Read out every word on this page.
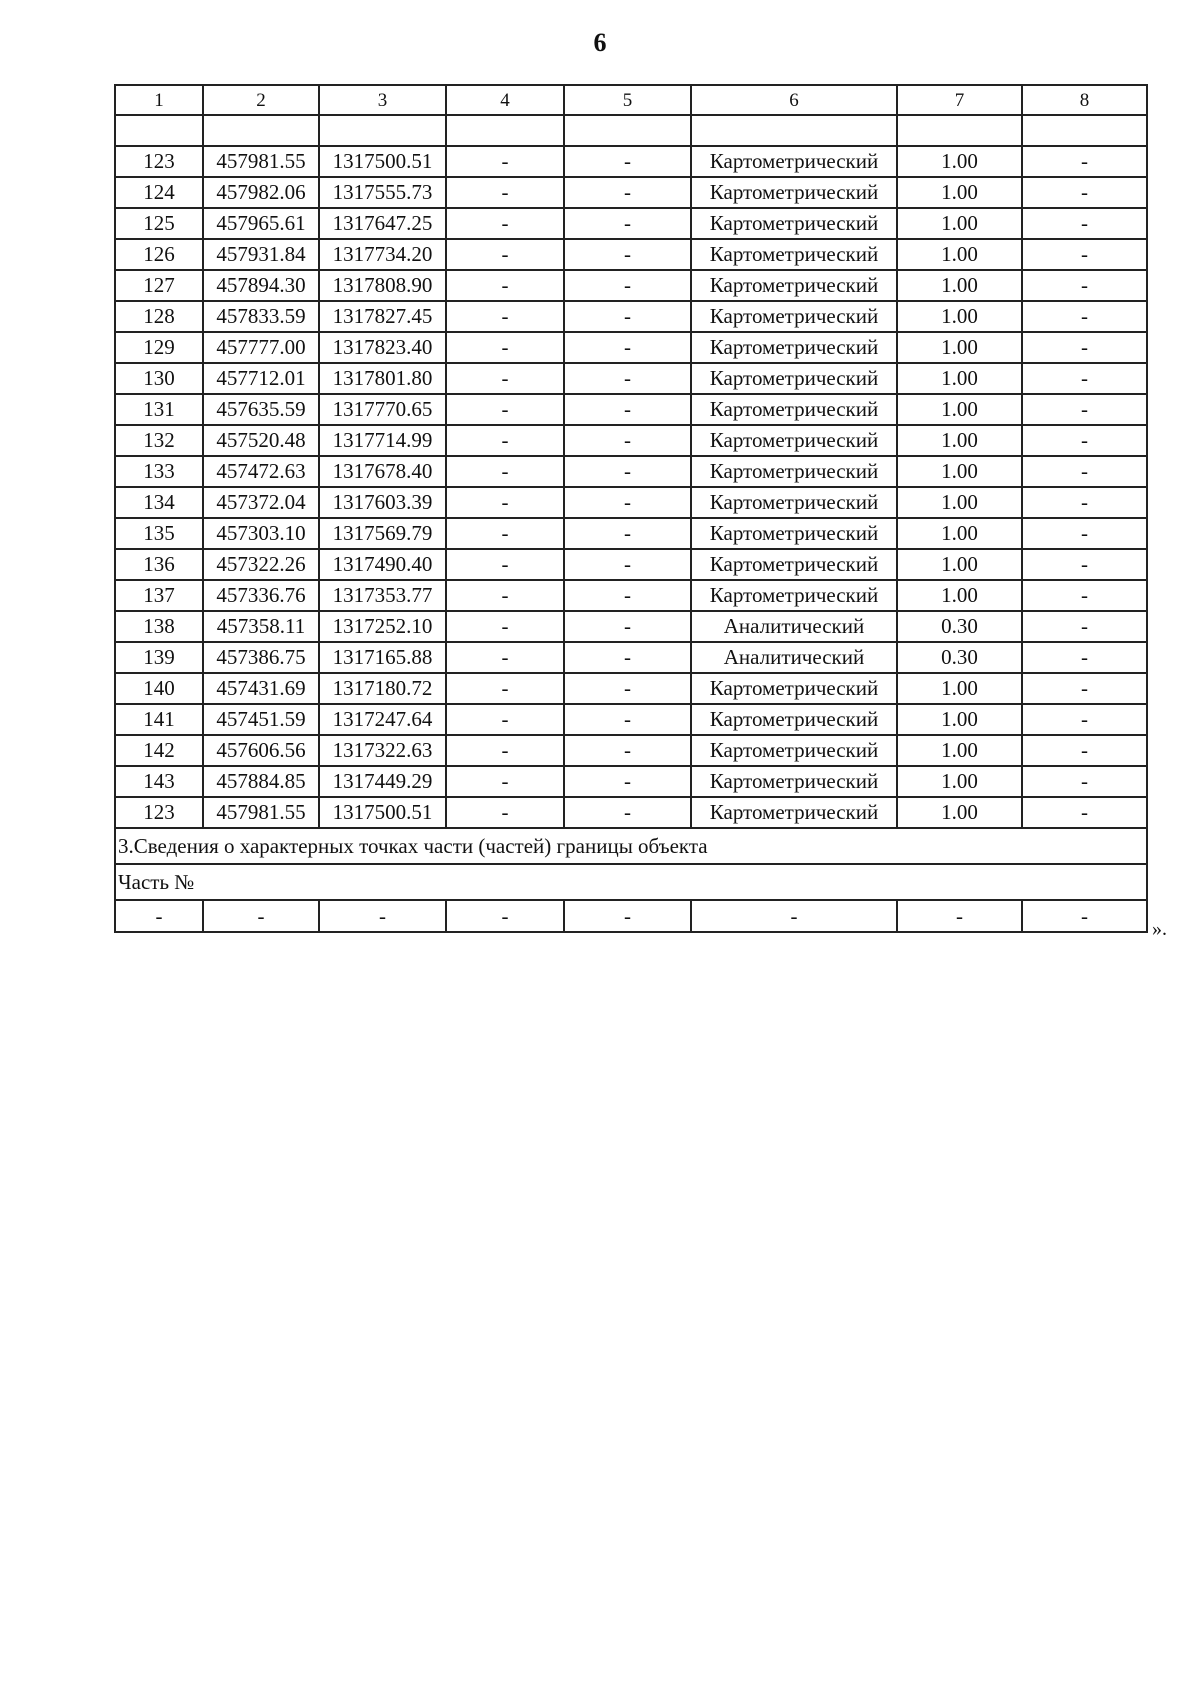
6
1	2	3	4	5	6	7	8

123	457981.55	1317500.51	-	-	Картометрический	1.00	-
124	457982.06	1317555.73	-	-	Картометрический	1.00	-
125	457965.61	1317647.25	-	-	Картометрический	1.00	-
126	457931.84	1317734.20	-	-	Картометрический	1.00	-
127	457894.30	1317808.90	-	-	Картометрический	1.00	-
128	457833.59	1317827.45	-	-	Картометрический	1.00	-
129	457777.00	1317823.40	-	-	Картометрический	1.00	-
130	457712.01	1317801.80	-	-	Картометрический	1.00	-
131	457635.59	1317770.65	-	-	Картометрический	1.00	-
132	457520.48	1317714.99	-	-	Картометрический	1.00	-
133	457472.63	1317678.40	-	-	Картометрический	1.00	-
134	457372.04	1317603.39	-	-	Картометрический	1.00	-
135	457303.10	1317569.79	-	-	Картометрический	1.00	-
136	457322.26	1317490.40	-	-	Картометрический	1.00	-
137	457336.76	1317353.77	-	-	Картометрический	1.00	-
138	457358.11	1317252.10	-	-	Аналитический	0.30	-
139	457386.75	1317165.88	-	-	Аналитический	0.30	-
140	457431.69	1317180.72	-	-	Картометрический	1.00	-
141	457451.59	1317247.64	-	-	Картометрический	1.00	-
142	457606.56	1317322.63	-	-	Картометрический	1.00	-
143	457884.85	1317449.29	-	-	Картометрический	1.00	-
123	457981.55	1317500.51	-	-	Картометрический	1.00	-
3.Сведения о характерных точках части (частей) границы объекта							
Часть №							
-	-	-	-	-	-	-	-
».
